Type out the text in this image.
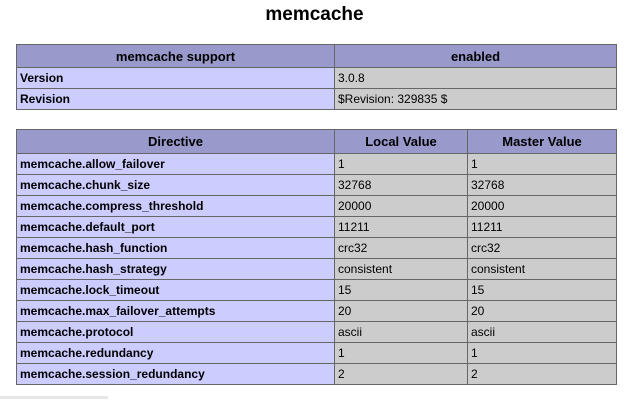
memcache
memcache support	enabled
Version	3.0.8
Revision	$Revision: 329835 $
Directive	Local Value	Master Value
memcache.allow_failover	1	1
memcache.chunk_size	32768	32768
memcache.compress_threshold	20000	20000
memcache.default_port	11211	11211
memcache.hash_function	crc32	crc32
memcache.hash_strategy	consistent	consistent
memcache.lock_timeout	15	15
memcache.max_failover_attempts	20	20
memcache.protocol	ascii	ascii
memcache.redundancy	1	1
memcache.session_redundancy	2	2
